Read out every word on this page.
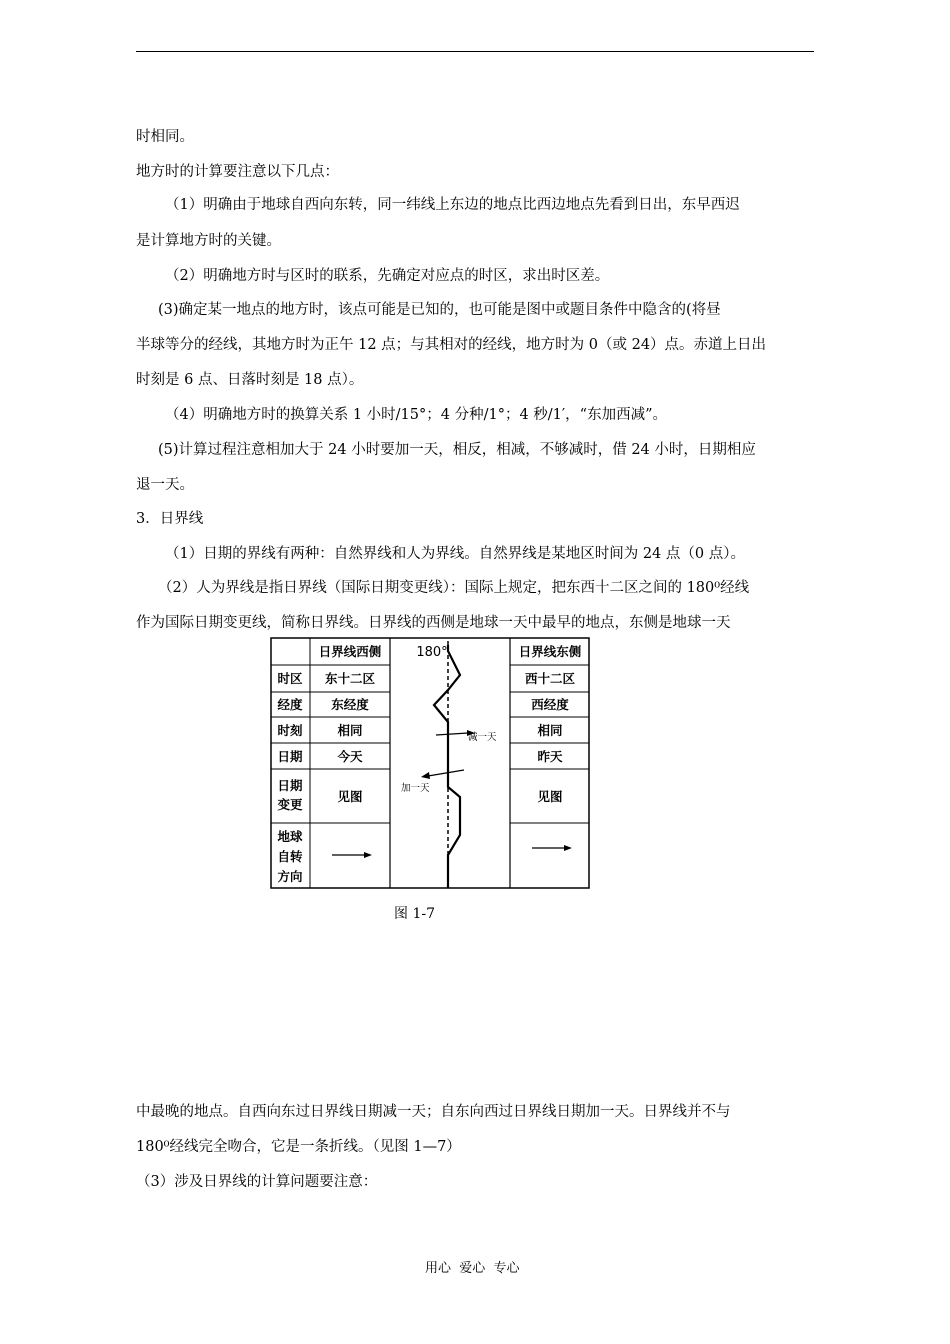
时相同。
地方时的计算要注意以下几点：
（1）明确由于地球自西向东转，同一纬线上东边的地点比西边地点先看到日出，东早西迟
是计算地方时的关键。
（2）明确地方时与区时的联系，先确定对应点的时区，求出时区差。
(3)确定某一地点的地方时，该点可能是已知的，也可能是图中或题目条件中隐含的(将昼
半球等分的经线，其地方时为正午 12 点；与其相对的经线，地方时为 0（或 24）点。赤道上日出
时刻是 6 点、日落时刻是 18 点）。
（4）明确地方时的换算关系 1 小时/15°；4 分种/1°；4 秒/1′，“东加西减”。
(5)计算过程注意相加大于 24 小时要加一天，相反，相减，不够减时，借 24 小时，日期相应
退一天。
3．日界线
（1）日期的界线有两种：自然界线和人为界线。自然界线是某地区时间为 24 点（0 点）。
（2）人为界线是指日界线（国际日期变更线）：国际上规定，把东西十二区之间的 180⁰经线
作为国际日期变更线，简称日界线。日界线的西侧是地球一天中最早的地点，东侧是地球一天
日界线西侧	日界线东侧
时区
经度
时刻
日期
日期
变更
地球
自转
方向
东十二区
东经度
相同
今天
见图
西十二区
西经度
相同
昨天
见图
180°
减一天
加一天
图 1-7
中最晚的地点。自西向东过日界线日期减一天；自东向西过日界线日期加一天。日界线并不与
180⁰经线完全吻合，它是一条折线。（见图 1—7）
（3）涉及日界线的计算问题要注意：
用心  爱心  专心
